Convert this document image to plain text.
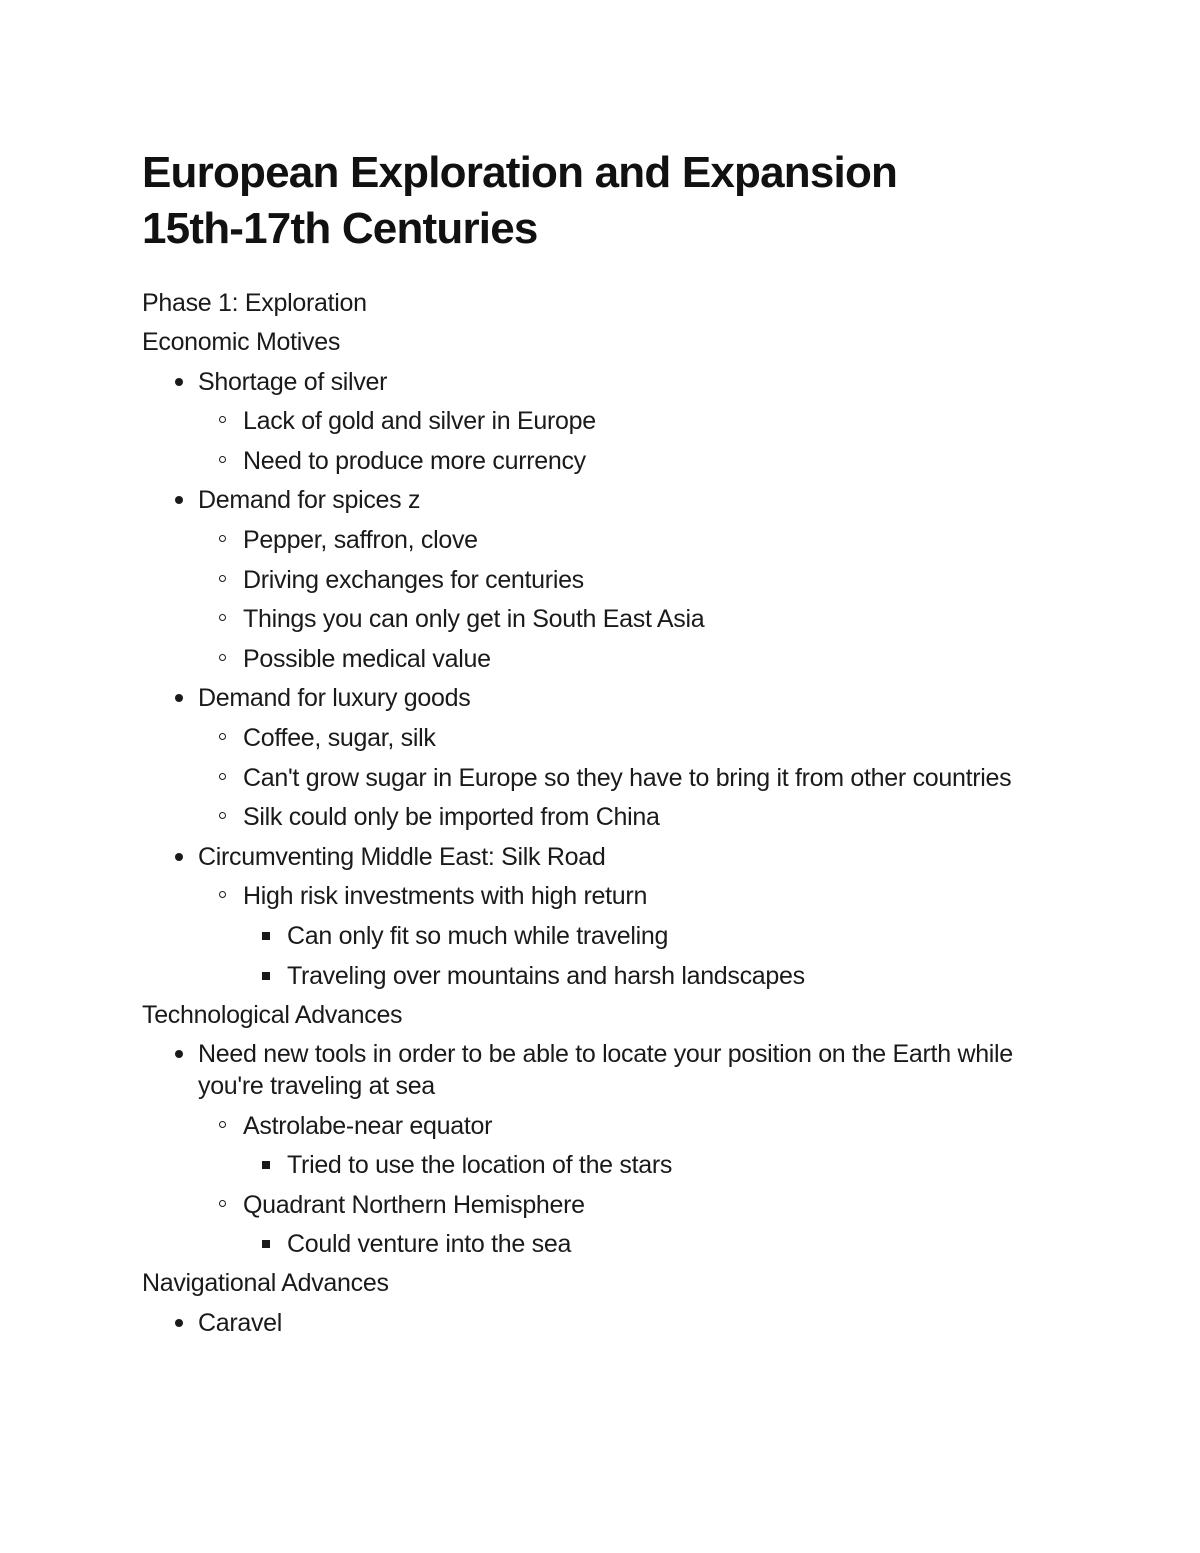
European Exploration and Expansion
15th-17th Centuries
Phase 1: Exploration
Economic Motives
Shortage of silver
Lack of gold and silver in Europe
Need to produce more currency
Demand for spices z
Pepper, saffron, clove
Driving exchanges for centuries
Things you can only get in South East Asia
Possible medical value
Demand for luxury goods
Coffee, sugar, silk
Can't grow sugar in Europe so they have to bring it from other countries
Silk could only be imported from China
Circumventing Middle East: Silk Road
High risk investments with high return
Can only fit so much while traveling
Traveling over mountains and harsh landscapes
Technological Advances
Need new tools in order to be able to locate your position on the Earth while you're traveling at sea
Astrolabe-near equator
Tried to use the location of the stars
Quadrant Northern Hemisphere
Could venture into the sea
Navigational Advances
Caravel
